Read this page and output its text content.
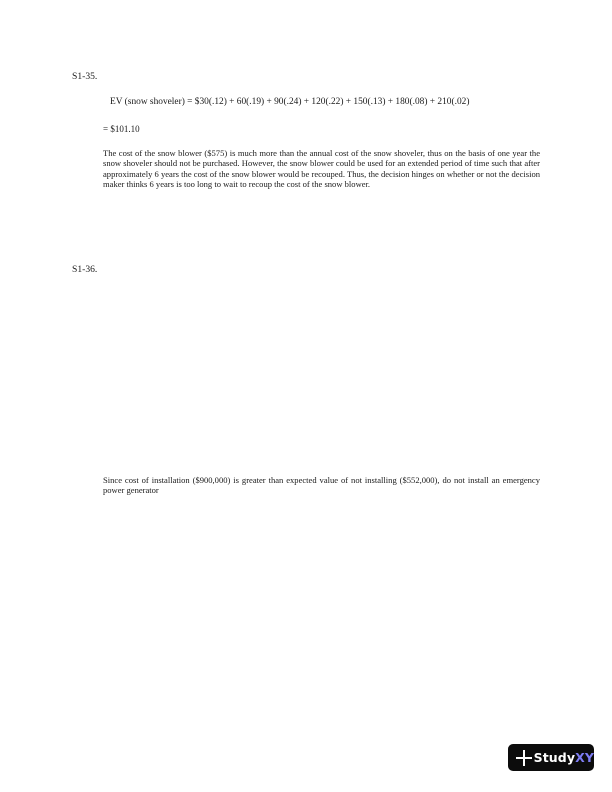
S1-35.
EV (snow shoveler) = $30(.12) + 60(.19) + 90(.24) + 120(.22) + 150(.13) + 180(.08) + 210(.02)
= $101.10
The cost of the snow blower ($575) is much more than the annual cost of the snow shoveler, thus on the basis of one year the snow shoveler should not be purchased. However, the snow blower could be used for an extended period of time such that after approximately 6 years the cost of the snow blower would be recouped. Thus, the decision hinges on whether or not the decision maker thinks 6 years is too long to wait to recoup the cost of the snow blower.
S1-36.
Since cost of installation ($900,000) is greater than expected value of not installing ($552,000), do not install an emergency power generator
StudyXY
